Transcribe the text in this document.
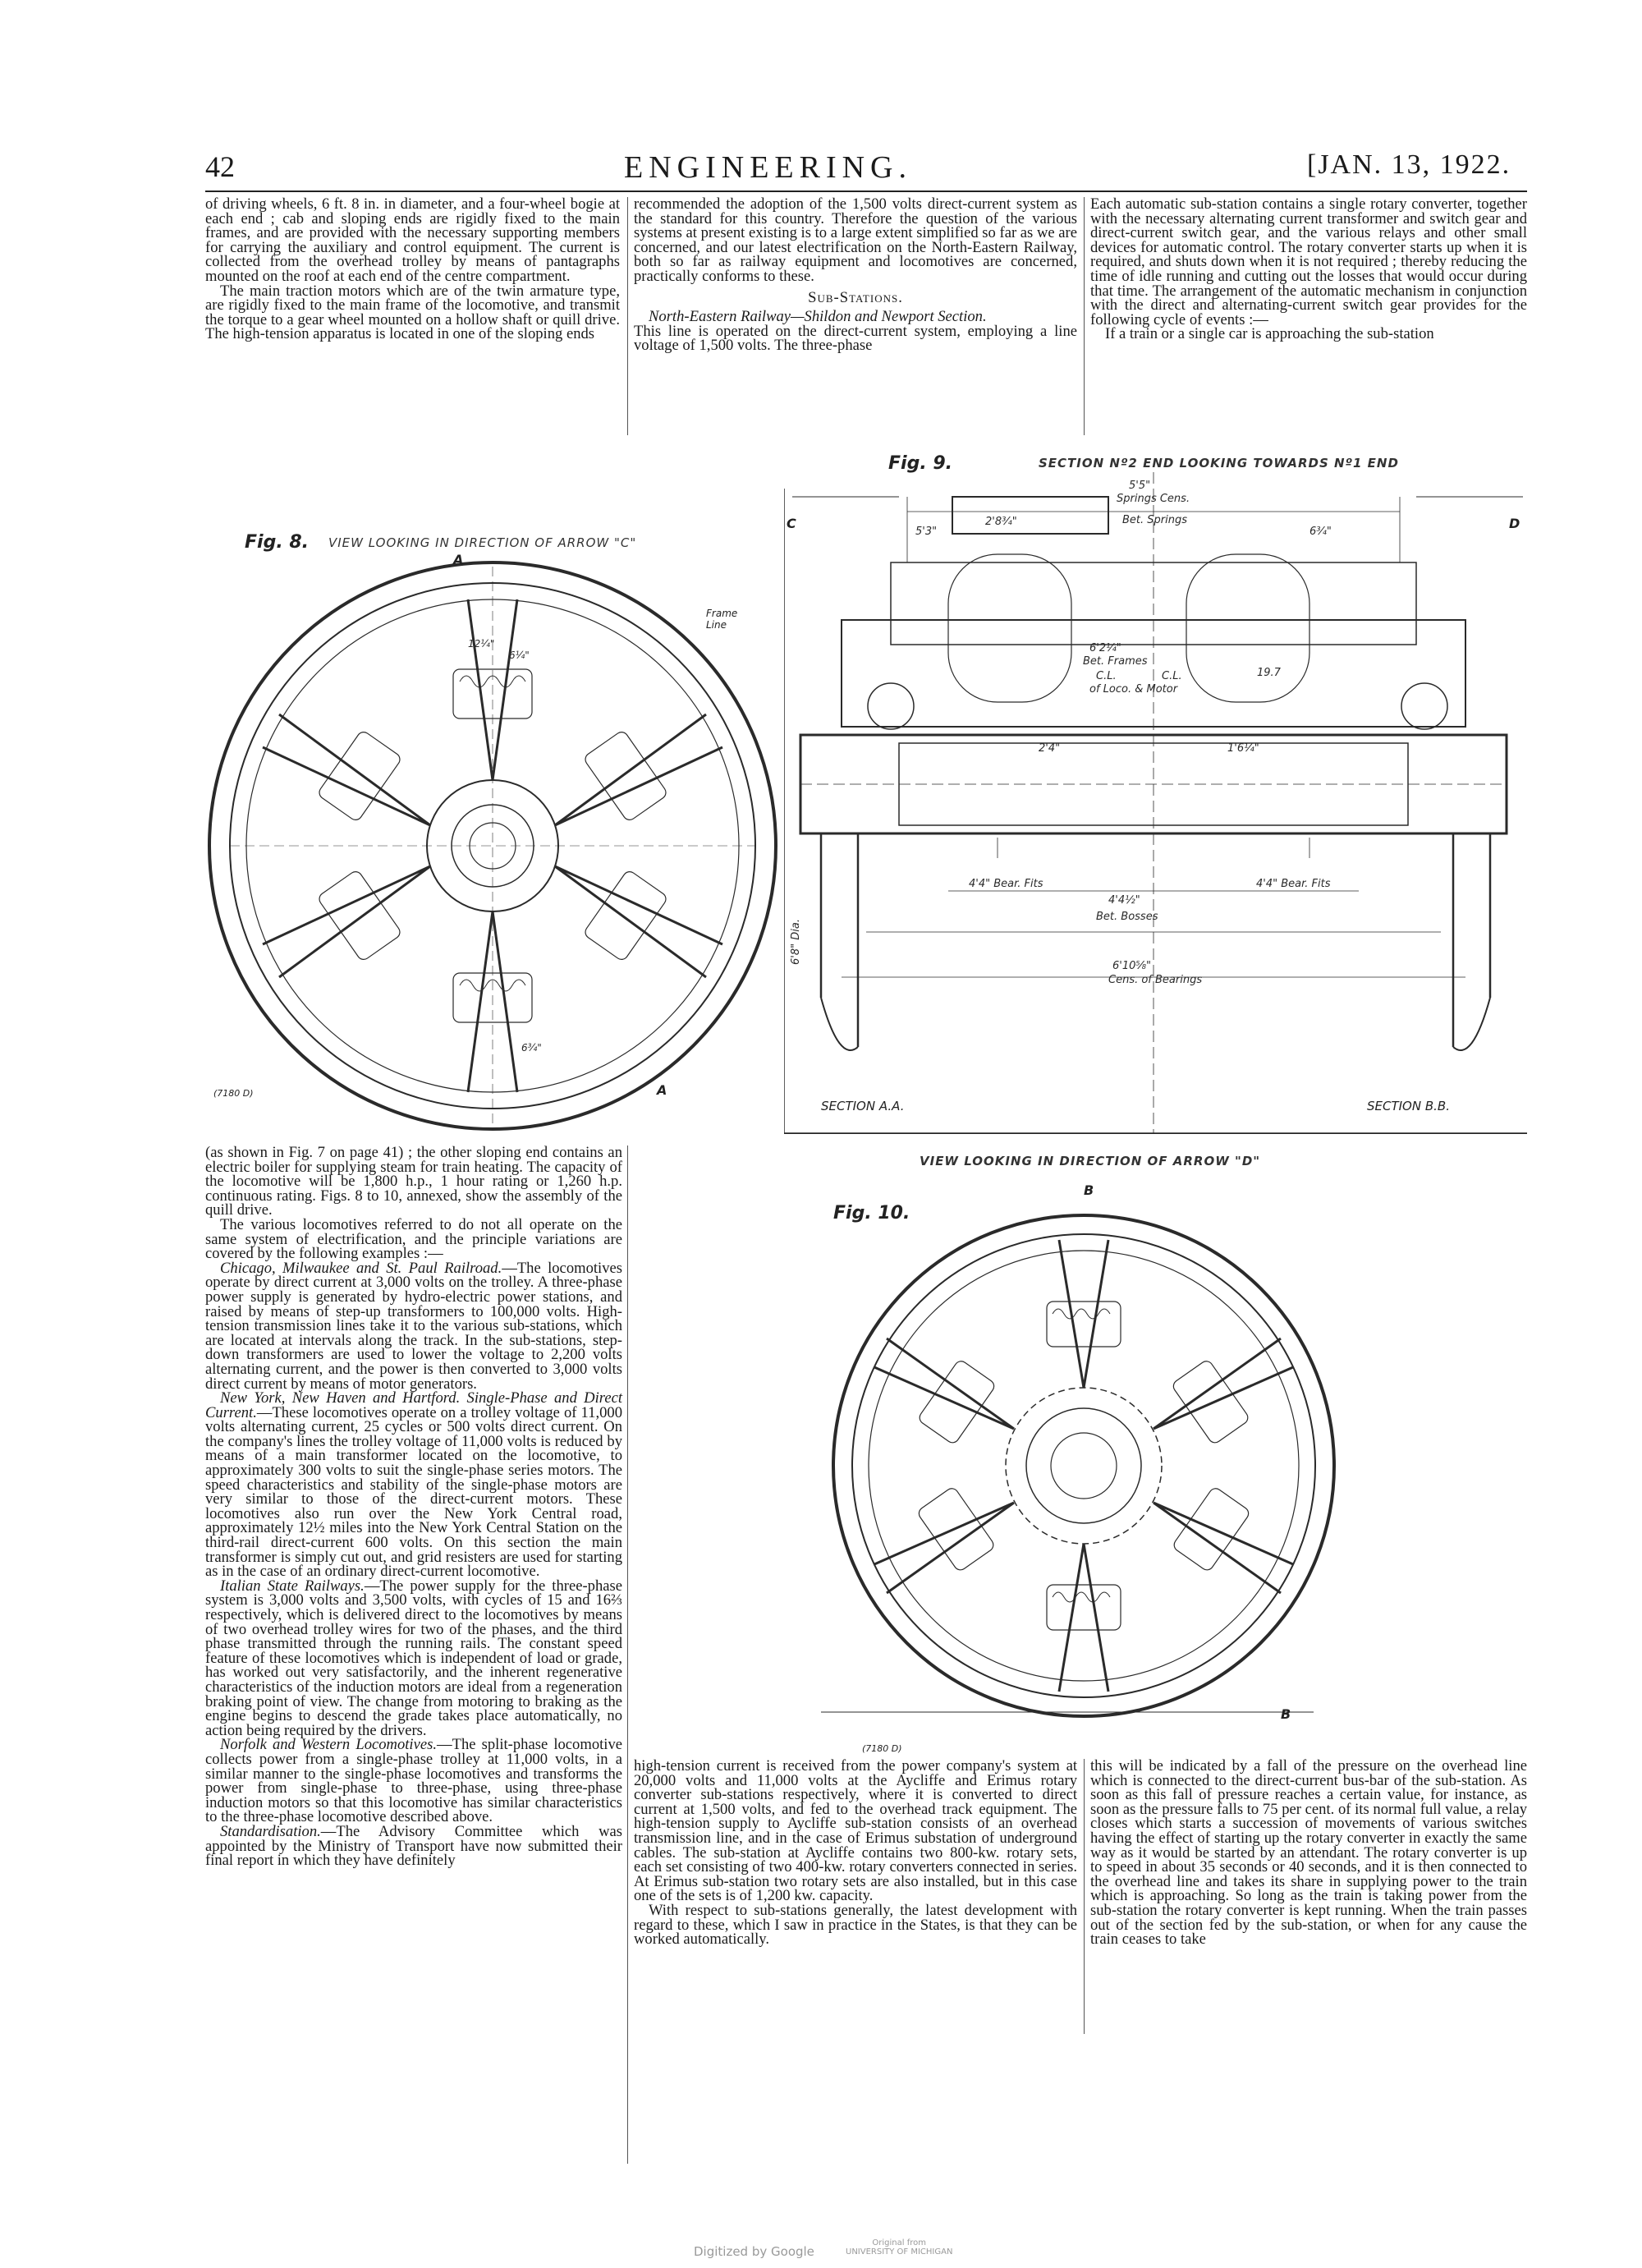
42	ENGINEERING.	[JAN. 13, 1922.

of driving wheels, 6 ft. 8 in. in diameter, and a four-wheel bogie at each end ; cab and sloping ends are rigidly fixed to the main frames, and are provided with the necessary supporting members for carrying the auxiliary and control equipment. The current is collected from the overhead trolley by means of pantagraphs mounted on the roof at each end of the centre compartment.

The main traction motors which are of the twin armature type, are rigidly fixed to the main frame of the locomotive, and transmit the torque to a gear wheel mounted on a hollow shaft or quill drive. The high-tension apparatus is located in one of the sloping ends

recommended the adoption of the 1,500 volts direct-current system as the standard for this country. Therefore the question of the various systems at present existing is to a large extent simplified so far as we are concerned, and our latest electrification on the North-Eastern Railway, both so far as railway equipment and locomotives are concerned, practically conforms to these.

Sub-Stations.

North-Eastern Railway—Shildon and Newport Section.

This line is operated on the direct-current system, employing a line voltage of 1,500 volts. The three-phase

Each automatic sub-station contains a single rotary converter, together with the necessary alternating current transformer and switch gear and direct-current switch gear, and the various relays and other small devices for automatic control. The rotary converter starts up when it is required, and shuts down when it is not required ; thereby reducing the time of idle running and cutting out the losses that would occur during that time. The arrangement of the automatic mechanism in conjunction with the direct and alternating-current switch gear provides for the following cycle of events :—

If a train or a single car is approaching the sub-station

Fig. 8. VIEW LOOKING IN DIRECTION OF ARROW "C"
12¼"
6¼"
6¾"
A
A
Frame Line
(7180 D)
Fig. 9.	SECTION Nº2 END LOOKING TOWARDS Nº1 END
5'5"
Springs Cens.
2'8¾"
5'3"	6¾"
Bet. Springs
6'2¼"
Bet. Frames
C.L.	C.L.
of Loco. & Motor
19.7
2'4"	1'6¼"
4'4" Bear. Fits
4'4½"
Bet. Bosses
4'4" Bear. Fits
6'10⅝"
Cens. of Bearings
6'8" Dia.
C	D
SECTION A.A.	SECTION B.B.

(as shown in Fig. 7 on page 41) ; the other sloping end contains an electric boiler for supplying steam for train heating. The capacity of the locomotive will be 1,800 h.p., 1 hour rating or 1,260 h.p. continuous rating. Figs. 8 to 10, annexed, show the assembly of the quill drive.

The various locomotives referred to do not all operate on the same system of electrification, and the principle variations are covered by the following examples :—

Chicago, Milwaukee and St. Paul Railroad.—The locomotives operate by direct current at 3,000 volts on the trolley. A three-phase power supply is generated by hydro-electric power stations, and raised by means of step-up transformers to 100,000 volts. High-tension transmission lines take it to the various sub-stations, which are located at intervals along the track. In the sub-stations, step-down transformers are used to lower the voltage to 2,200 volts alternating current, and the power is then converted to 3,000 volts direct current by means of motor generators.

New York, New Haven and Hartford. Single-Phase and Direct Current.—These locomotives operate on a trolley voltage of 11,000 volts alternating current, 25 cycles or 500 volts direct current. On the company's lines the trolley voltage of 11,000 volts is reduced by means of a main transformer located on the locomotive, to approximately 300 volts to suit the single-phase series motors. The speed characteristics and stability of the single-phase motors are very similar to those of the direct-current motors. These locomotives also run over the New York Central road, approximately 12½ miles into the New York Central Station on the third-rail direct-current 600 volts. On this section the main transformer is simply cut out, and grid resisters are used for starting as in the case of an ordinary direct-current locomotive.

Italian State Railways.—The power supply for the three-phase system is 3,000 volts and 3,500 volts, with cycles of 15 and 16⅔ respectively, which is delivered direct to the locomotives by means of two overhead trolley wires for two of the phases, and the third phase transmitted through the running rails. The constant speed feature of these locomotives which is independent of load or grade, has worked out very satisfactorily, and the inherent regenerative characteristics of the induction motors are ideal from a regeneration braking point of view. The change from motoring to braking as the engine begins to descend the grade takes place automatically, no action being required by the drivers.

Norfolk and Western Locomotives.—The split-phase locomotive collects power from a single-phase trolley at 11,000 volts, in a similar manner to the single-phase locomotives and transforms the power from single-phase to three-phase, using three-phase induction motors so that this locomotive has similar characteristics to the three-phase locomotive described above.

Standardisation.—The Advisory Committee which was appointed by the Ministry of Transport have now submitted their final report in which they have definitely

VIEW LOOKING IN DIRECTION OF ARROW "D"
Fig. 10.
B
B
(7180 D)

high-tension current is received from the power company's system at 20,000 volts and 11,000 volts at the Aycliffe and Erimus rotary converter sub-stations respectively, where it is converted to direct current at 1,500 volts, and fed to the overhead track equipment. The high-tension supply to Aycliffe sub-station consists of an overhead transmission line, and in the case of Erimus substation of underground cables. The sub-station at Aycliffe contains two 800-kw. rotary sets, each set consisting of two 400-kw. rotary converters connected in series. At Erimus sub-station two rotary sets are also installed, but in this case one of the sets is of 1,200 kw. capacity.

With respect to sub-stations generally, the latest development with regard to these, which I saw in practice in the States, is that they can be worked automatically.

this will be indicated by a fall of the pressure on the overhead line which is connected to the direct-current bus-bar of the sub-station. As soon as this fall of pressure reaches a certain value, for instance, as soon as the pressure falls to 75 per cent. of its normal full value, a relay closes which starts a succession of movements of various switches having the effect of starting up the rotary converter in exactly the same way as it would be started by an attendant. The rotary converter is up to speed in about 35 seconds or 40 seconds, and it is then connected to the overhead line and takes its share in supplying power to the train which is approaching. So long as the train is taking power from the sub-station the rotary converter is kept running. When the train passes out of the section fed by the sub-station, or when for any cause the train ceases to take

Digitized by Google
Original from
UNIVERSITY OF MICHIGAN
